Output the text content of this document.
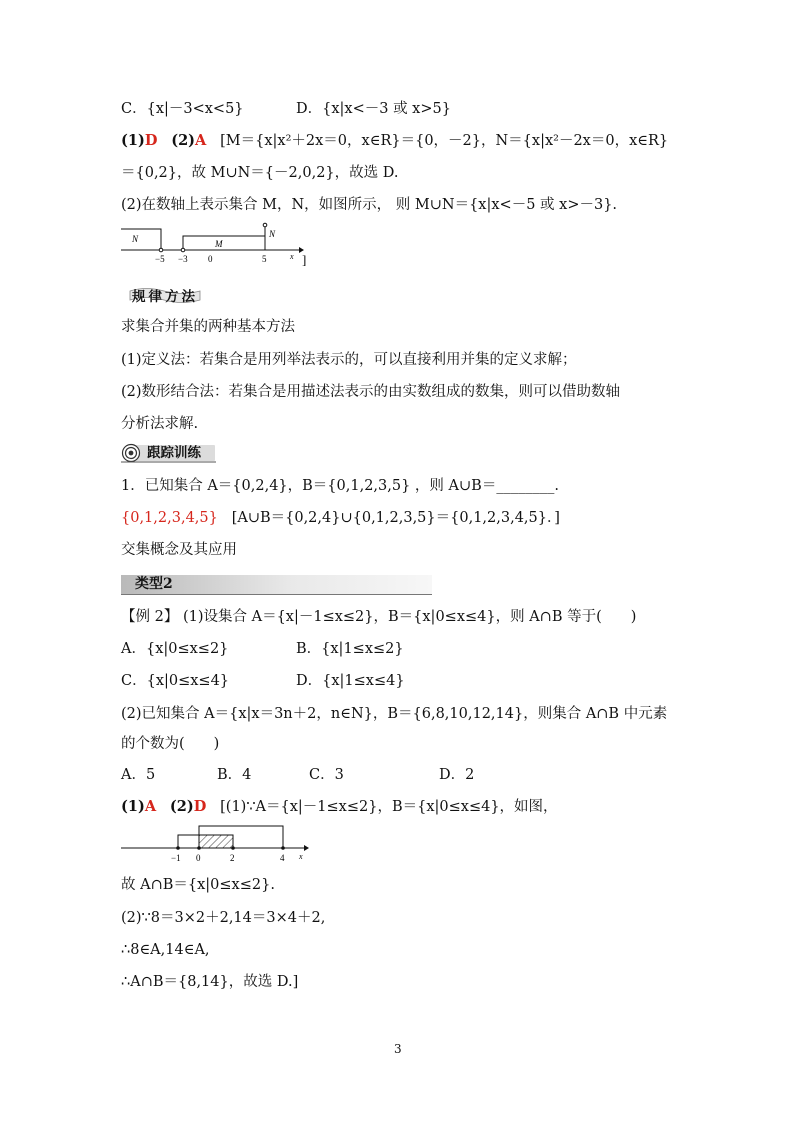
C．{x|－3<x<5}	D．{x|x<－3 或 x>5}
(1)D (2)A [M＝{x|x²＋2x＝0，x∈R}＝{0，－2}，N＝{x|x²－2x＝0，x∈R}
＝{0,2}，故 M∪N＝{－2,0,2}，故选 D.
(2)在数轴上表示集合 M，N，如图所示， 则 M∪N＝{x|x<－5 或 x>－3}.
N	M
N
−5 −3 0	5	x ]
规律方法
求集合并集的两种基本方法
(1)定义法：若集合是用列举法表示的，可以直接利用并集的定义求解；
(2)数形结合法：若集合是用描述法表示的由实数组成的数集，则可以借助数轴
分析法求解.
跟踪训练
1．已知集合 A＝{0,2,4}，B＝{0,1,2,3,5} ，则 A∪B＝________.
{0,1,2,3,4,5} [A∪B＝{0,2,4}∪{0,1,2,3,5}＝{0,1,2,3,4,5}．]
交集概念及其应用
类型2
【例 2】 (1)设集合 A＝{x|－1≤x≤2}，B＝{x|0≤x≤4}，则 A∩B 等于(　　)
A．{x|0≤x≤2}	B．{x|1≤x≤2}
C．{x|0≤x≤4}	D．{x|1≤x≤4}
(2)已知集合 A＝{x|x＝3n＋2，n∈N}，B＝{6,8,10,12,14}，则集合 A∩B 中元素
的个数为(　　)
A．5	B．4	C．3	D．2
(1)A (2)D [(1)∵A＝{x|－1≤x≤2}，B＝{x|0≤x≤4}，如图，
−1 0	2	4 x
故 A∩B＝{x|0≤x≤2}.
(2)∵8＝3×2＋2,14＝3×4＋2,
∴8∈A,14∈A,
∴A∩B＝{8,14}，故选 D.]
3
